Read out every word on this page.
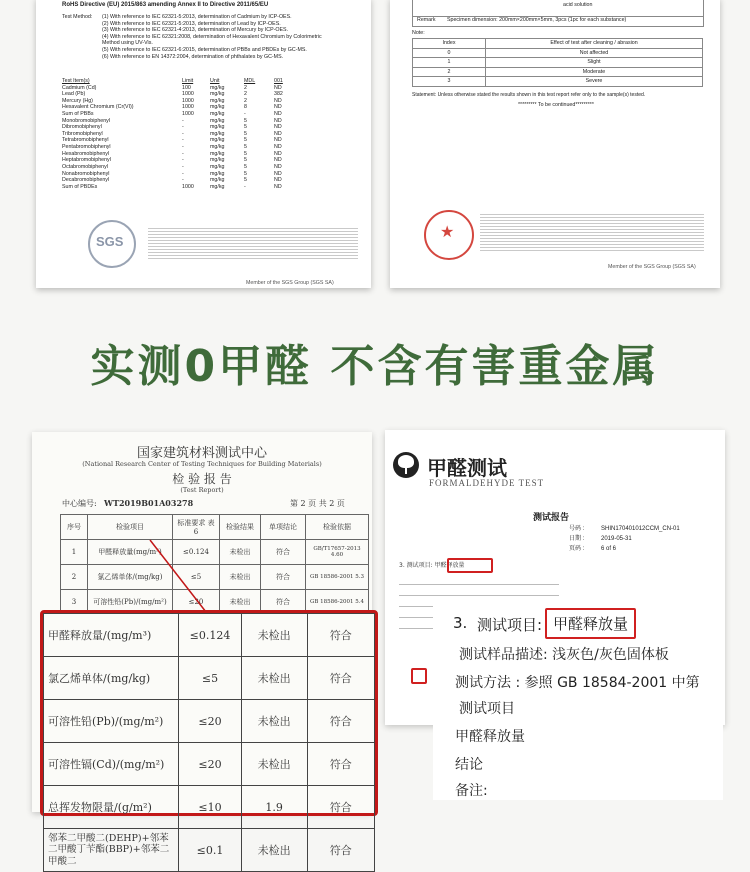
RoHS Directive (EU) 2015/863 amending Annex II to Directive 2011/65/EU
Test Method: (1) With reference to IEC 62321-5:2013, determination of Cadmium by ICP-OES.
(2) With reference to IEC 62321-5:2013, determination of Lead by ICP-OES.
(3) With reference to IEC 62321-4:2013, determination of Mercury by ICP-OES.
(4) With reference to IEC 62321:2008, determination of Hexavalent Chromium by Colorimetric
Method using UV-Vis.
(5) With reference to IEC 62321-6:2015, determination of PBBs and PBDEs by GC-MS.
(6) With reference to EN 14372:2004, determination of phthalates by GC-MS.
Test Item(s)	Limit	Unit	MDL	001
Cadmium (Cd)	100	mg/kg	2	ND
Lead (Pb)	1000	mg/kg	2	382
Mercury (Hg)	1000	mg/kg	2	ND
Hexavalent Chromium (Cr(VI))	1000	mg/kg	8	ND
Sum of PBBs	1000	mg/kg	-	ND
Monobromobiphenyl	-	mg/kg	5	ND
Dibromobiphenyl	-	mg/kg	5	ND
Tribromobiphenyl	-	mg/kg	5	ND
Tetrabromobiphenyl	-	mg/kg	5	ND
Pentabromobiphenyl	-	mg/kg	5	ND
Hexabromobiphenyl	-	mg/kg	5	ND
Heptabromobiphenyl	-	mg/kg	5	ND
Octabromobiphenyl	-	mg/kg	5	ND
Nonabromobiphenyl	-	mg/kg	5	ND
Decabromobiphenyl	-	mg/kg	5	ND
Sum of PBDEs	1000	mg/kg	-	ND
SGS
Member of the SGS Group (SGS SA)
acid solution
Remark Specimen dimension: 200mm×200mm×5mm, 3pcs (1pc for each substance)
Note:
Index	Effect of test after cleaning / abrasion
0	Not affected
1	Slight
2	Moderate
3	Severe
Statement: Unless otherwise stated the results shown in this test report refer only to the sample(s) tested.
********* To be continued*********
★
Member of the SGS Group (SGS SA)
实测0甲醛 不含有害重金属
国家建筑材料测试中心
(National Research Center of Testing Techniques for Building Materials)
检 验 报 告
(Test Report)
中心编号: WT2019B01A03278	第 2 页 共 2 页
序号	检验项目	标准要求 表 6	检验结果	单项结论	检验依据
1	甲醛释放量(mg/m³)	≤0.124	未检出	符合	GB/T17657-2013 4.60
2	氯乙烯单体/(mg/kg)	≤5	未检出	符合	GB 18586-2001 5.3
3	可溶性铅(Pb)/(mg/m²)	≤20	未检出	符合	GB 18586-2001 5.4

甲醛释放量/(mg/m³)	≤0.124	未检出	符合
氯乙烯单体/(mg/kg)	≤5	未检出	符合
可溶性铅(Pb)/(mg/m²)	≤20	未检出	符合
可溶性镉(Cd)/(mg/m²)	≤20	未检出	符合
总挥发物限量/(g/m²)	≤10	1.9	符合
邻苯二甲酸二(DEHP)+邻苯二甲酸丁苄酯(BBP)+邻苯二甲酸二	≤0.1	未检出	符合
甲醛测试
FORMALDEHYDE TEST
测试报告
号码 :	SHIN170401012CCM_CN-01
日期 :	2019-05-31
页码 :	6 of 6
3. 测试项目: 甲醛释放量
3. 测试项目: 甲醛释放量
测试样品描述: 浅灰色/灰色固体板
测试方法 : 参照 GB 18584-2001 中第
测试项目
甲醛释放量
结论
备注:
